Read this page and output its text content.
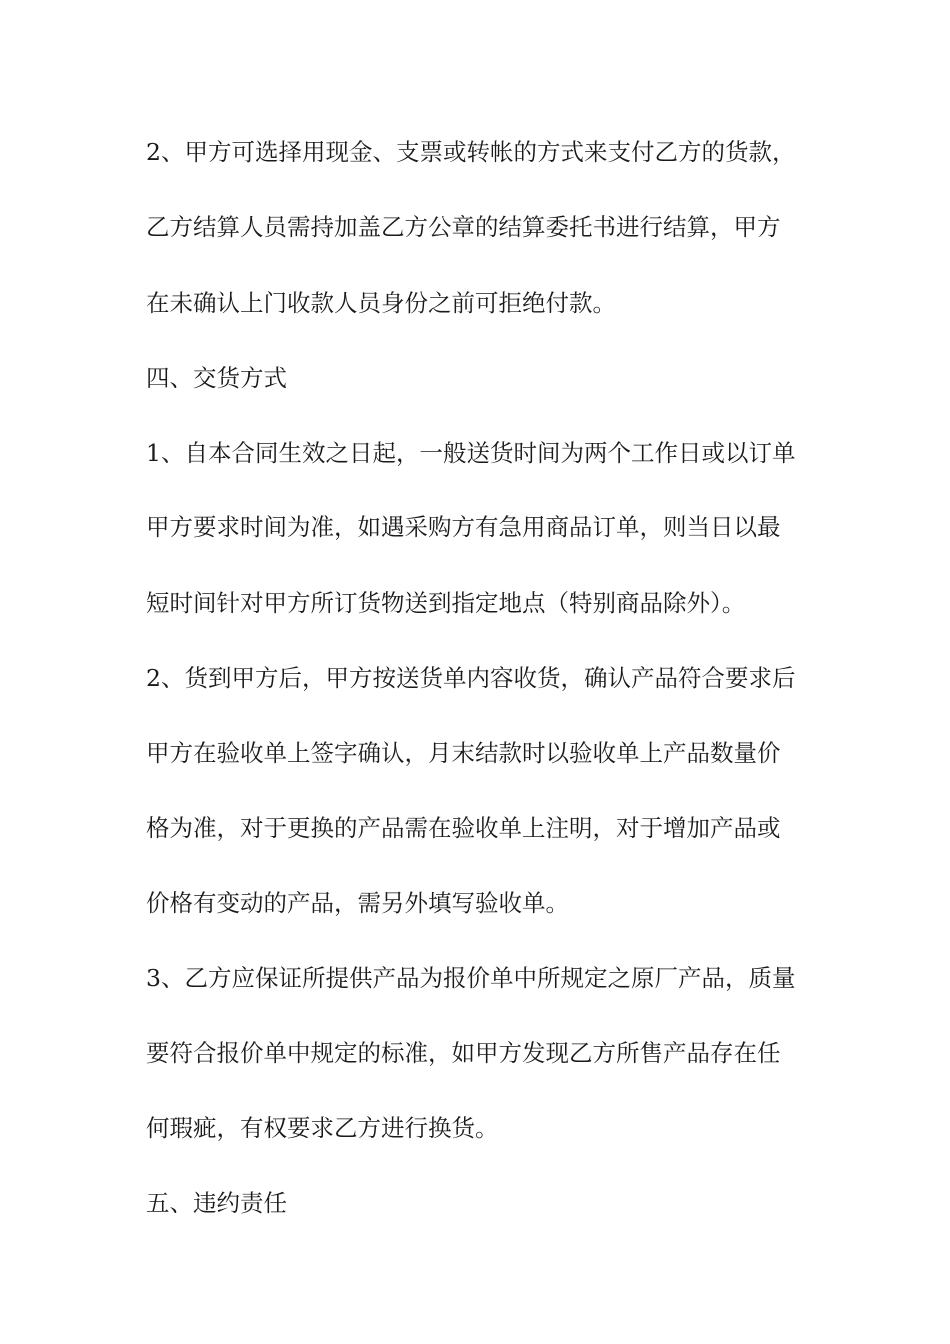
2、甲方可选择用现金、支票或转帐的方式来支付乙方的货款，
乙方结算人员需持加盖乙方公章的结算委托书进行结算，甲方
在未确认上门收款人员身份之前可拒绝付款。
四、交货方式
1、自本合同生效之日起，一般送货时间为两个工作日或以订单
甲方要求时间为准，如遇采购方有急用商品订单，则当日以最
短时间针对甲方所订货物送到指定地点（特别商品除外）。
2、货到甲方后，甲方按送货单内容收货，确认产品符合要求后
甲方在验收单上签字确认，月末结款时以验收单上产品数量价
格为准，对于更换的产品需在验收单上注明，对于增加产品或
价格有变动的产品，需另外填写验收单。
3、乙方应保证所提供产品为报价单中所规定之原厂产品，质量
要符合报价单中规定的标准，如甲方发现乙方所售产品存在任
何瑕疵，有权要求乙方进行换货。
五、违约责任
